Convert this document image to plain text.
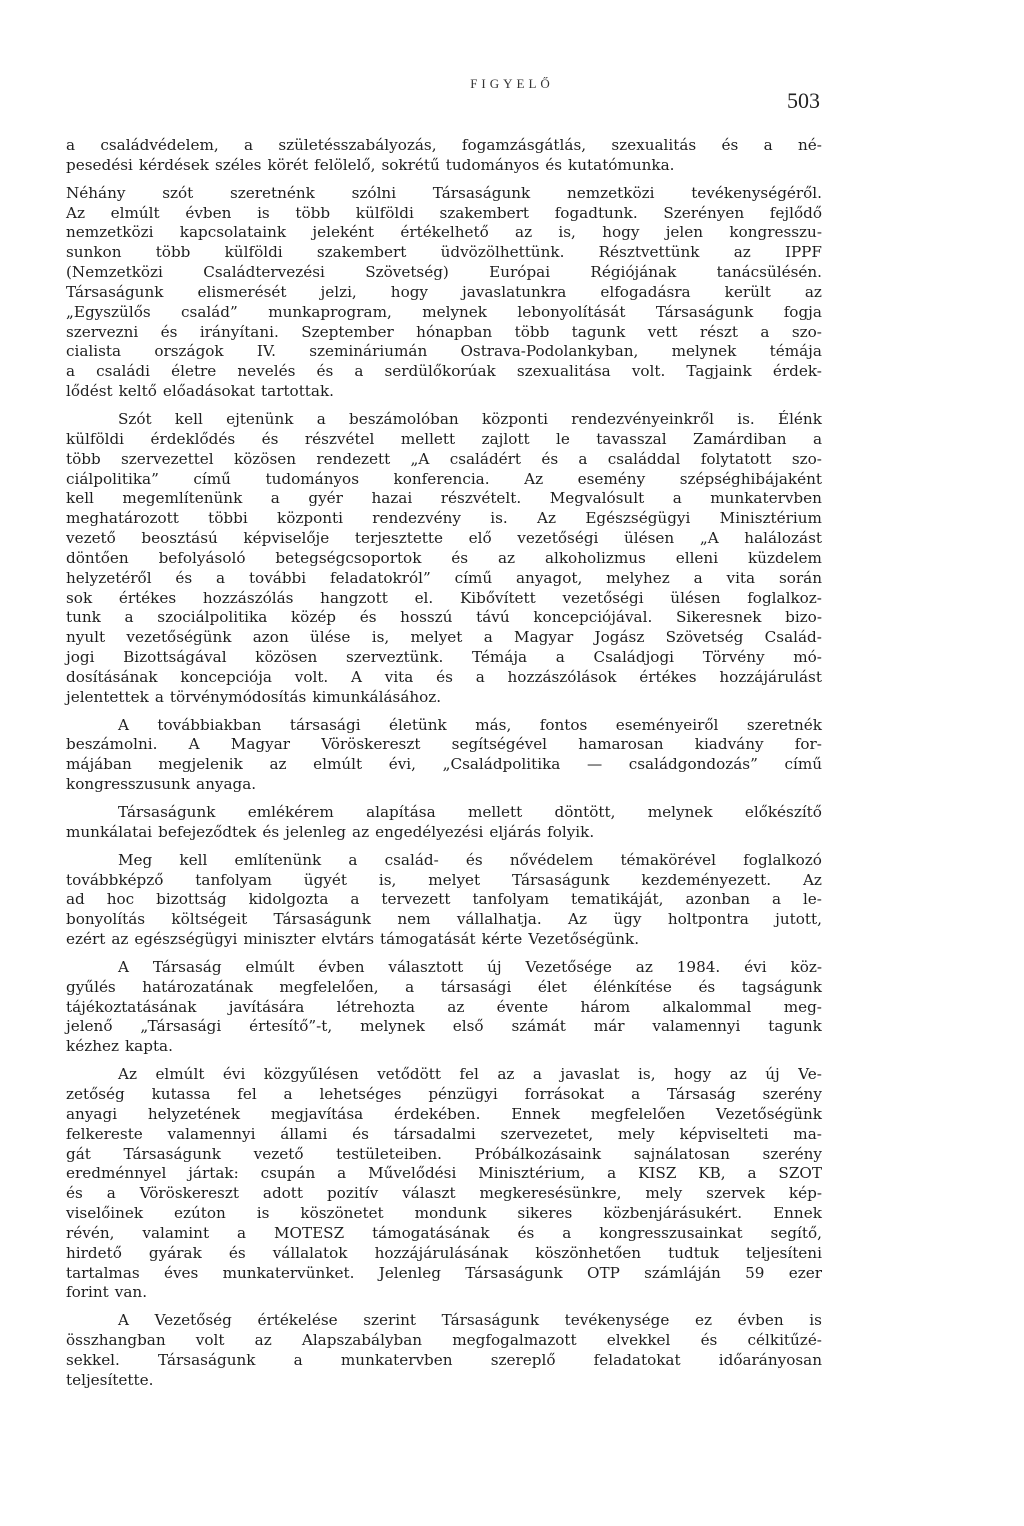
FIGYELŐ
503
a családvédelem, a születésszabályozás, fogamzásgátlás, szexualitás és a né-
pesedési kérdések széles körét felölelő, sokrétű tudományos és kutatómunka.
Néhány szót szeretnénk szólni Társaságunk nemzetközi tevékenységéről.
Az elmúlt évben is több külföldi szakembert fogadtunk. Szerényen fejlődő
nemzetközi kapcsolataink jeleként értékelhető az is, hogy jelen kongresszu-
sunkon több külföldi szakembert üdvözölhettünk. Résztvettünk az IPPF
(Nemzetközi	Családtervezési	Szövetség)	Európai	Régiójának	tanácsülésén.
Társaságunk elismerését jelzi, hogy javaslatunkra elfogadásra került az
„Egyszülős család” munkaprogram, melynek lebonyolítását Társaságunk fogja
szervezni és irányítani. Szeptember hónapban több tagunk vett részt a szo-
cialista országok IV. szemináriumán Ostrava-Podolankyban, melynek témája
a családi életre nevelés és a serdülőkorúak szexualitása volt. Tagjaink érdek-
lődést keltő előadásokat tartottak.
Szót kell ejtenünk a beszámolóban központi rendezvényeinkről is. Élénk
külföldi érdeklődés és részvétel mellett zajlott le tavasszal Zamárdiban a
több szervezettel közösen rendezett „A családért és a családdal folytatott szo-
ciálpolitika” című tudományos konferencia. Az esemény szépséghibájaként
kell megemlítenünk a gyér hazai részvételt. Megvalósult a munkatervben
meghatározott többi központi rendezvény is. Az Egészségügyi Minisztérium
vezető beosztású képviselője terjesztette elő vezetőségi ülésen „A halálozást
döntően befolyásoló betegségcsoportok és az alkoholizmus elleni küzdelem
helyzetéről és a további feladatokról” című anyagot, melyhez a vita során
sok értékes hozzászólás hangzott el. Kibővített vezetőségi ülésen foglalkoz-
tunk a szociálpolitika közép és hosszú távú koncepciójával. Sikeresnek bizo-
nyult vezetőségünk azon ülése is, melyet a Magyar Jogász Szövetség Család-
jogi Bizottságával közösen szerveztünk. Témája a Családjogi Törvény mó-
dosításának koncepciója volt. A vita és a hozzászólások értékes hozzájárulást
jelentettek a törvénymódosítás kimunkálásához.
A továbbiakban társasági életünk más, fontos eseményeiről szeretnék
beszámolni. A Magyar Vöröskereszt segítségével hamarosan kiadvány for-
májában megjelenik az elmúlt évi, „Családpolitika — családgondozás” című
kongresszusunk anyaga.
Társaságunk emlékérem alapítása mellett döntött, melynek előkészítő
munkálatai befejeződtek és jelenleg az engedélyezési eljárás folyik.
Meg kell említenünk a család- és nővédelem témakörével foglalkozó
továbbképző tanfolyam ügyét is, melyet Társaságunk kezdeményezett. Az
ad hoc bizottság kidolgozta a tervezett tanfolyam tematikáját, azonban a le-
bonyolítás költségeit Társaságunk nem vállalhatja. Az ügy holtpontra jutott,
ezért az egészségügyi miniszter elvtárs támogatását kérte Vezetőségünk.
A Társaság elmúlt évben választott új Vezetősége az 1984. évi köz-
gyűlés határozatának megfelelően, a társasági élet élénkítése és tagságunk
tájékoztatásának javítására létrehozta az évente három alkalommal meg-
jelenő „Társasági értesítő”-t, melynek első számát már valamennyi tagunk
kézhez kapta.
Az elmúlt évi közgyűlésen vetődött fel az a javaslat is, hogy az új Ve-
zetőség kutassa fel a lehetséges pénzügyi forrásokat a Társaság szerény
anyagi helyzetének megjavítása érdekében. Ennek megfelelően Vezetőségünk
felkereste valamennyi állami és társadalmi szervezetet, mely képviselteti ma-
gát Társaságunk vezető testületeiben. Próbálkozásaink sajnálatosan szerény
eredménnyel jártak: csupán a Művelődési Minisztérium, a KISZ KB, a SZOT
és a Vöröskereszt adott pozitív választ megkeresésünkre, mely szervek kép-
viselőinek ezúton is köszönetet mondunk sikeres közbenjárásukért. Ennek
révén, valamint a MOTESZ támogatásának és a kongresszusainkat segítő,
hirdető gyárak és vállalatok hozzájárulásának köszönhetően tudtuk teljesíteni
tartalmas éves munkatervünket. Jelenleg Társaságunk OTP számláján 59 ezer
forint van.
A Vezetőség értékelése szerint Társaságunk tevékenysége ez évben is
összhangban volt az Alapszabályban megfogalmazott elvekkel és célkitűzé-
sekkel.	Társaságunk	a	munkatervben	szereplő	feladatokat	időarányosan
teljesítette.
